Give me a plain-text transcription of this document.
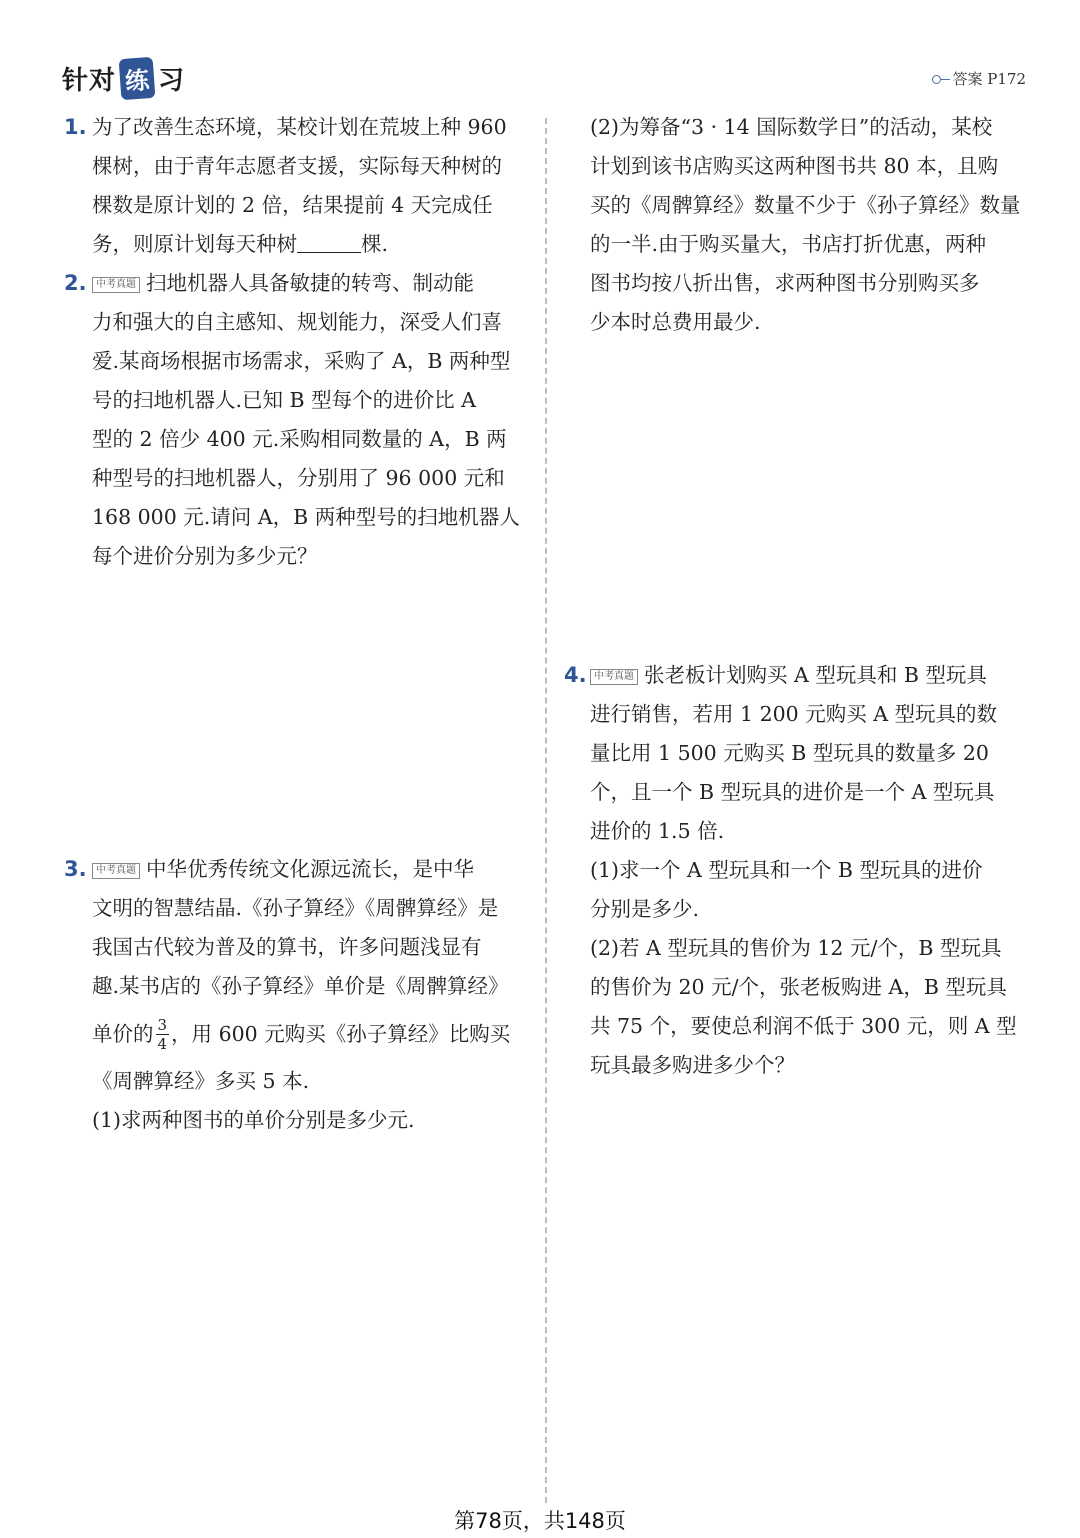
针对 练 习	答案 P172
1. 为了改善生态环境，某校计划在荒坡上种 960
棵树，由于青年志愿者支援，实际每天种树的
棵数是原计划的 2 倍，结果提前 4 天完成任
务，则原计划每天种树	棵.
2. 中考真题 扫地机器人具备敏捷的转弯、制动能
力和强大的自主感知、规划能力，深受人们喜
爱.某商场根据市场需求，采购了 A，B 两种型
号的扫地机器人.已知 B 型每个的进价比 A
型的 2 倍少 400 元.采购相同数量的 A，B 两
种型号的扫地机器人，分别用了 96 000 元和
168 000 元.请问 A，B 两种型号的扫地机器人
每个进价分别为多少元？
3. 中考真题 中华优秀传统文化源远流长，是中华
文明的智慧结晶.《孙子算经》《周髀算经》是
我国古代较为普及的算书，许多问题浅显有
趣.某书店的《孙子算经》单价是《周髀算经》
单价的 $\frac{3}{4}$ ，用 600 元购买《孙子算经》比购买
《周髀算经》多买 5 本.
(1)求两种图书的单价分别是多少元.
(2)为筹备“3 · 14 国际数学日”的活动，某校
计划到该书店购买这两种图书共 80 本，且购
买的《周髀算经》数量不少于《孙子算经》数量
的一半.由于购买量大，书店打折优惠，两种
图书均按八折出售，求两种图书分别购买多
少本时总费用最少.
4. 中考真题 张老板计划购买 A 型玩具和 B 型玩具
进行销售，若用 1 200 元购买 A 型玩具的数
量比用 1 500 元购买 B 型玩具的数量多 20
个，且一个 B 型玩具的进价是一个 A 型玩具
进价的 1.5 倍.
(1)求一个 A 型玩具和一个 B 型玩具的进价
分别是多少.
(2)若 A 型玩具的售价为 12 元/个，B 型玩具
的售价为 20 元/个，张老板购进 A，B 型玩具
共 75 个，要使总利润不低于 300 元，则 A 型
玩具最多购进多少个？
第78页，共148页
